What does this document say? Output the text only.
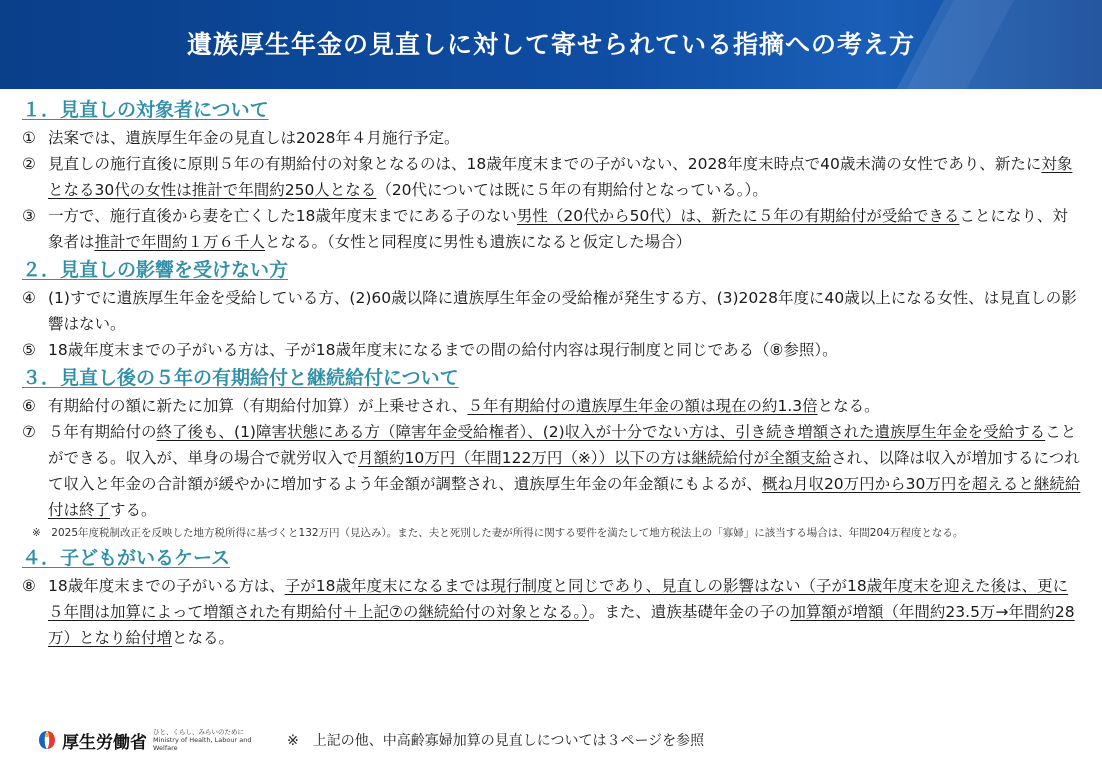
遺族厚生年金の見直しに対して寄せられている指摘への考え方
１．見直しの対象者について
① 法案では、遺族厚生年金の見直しは2028年４月施行予定。
② 見直しの施行直後に原則５年の有期給付の対象となるのは、18歳年度末までの子がいない、2028年度末時点で40歳未満の女性であり、新たに対象となる30代の女性は推計で年間約250人となる（20代については既に５年の有期給付となっている。）。
③ 一方で、施行直後から妻を亡くした18歳年度末までにある子のない男性（20代から50代）は、新たに５年の有期給付が受給できることになり、対象者は推計で年間約１万６千人となる。（女性と同程度に男性も遺族になると仮定した場合）
２．見直しの影響を受けない方
④ (1)すでに遺族厚生年金を受給している方、(2)60歳以降に遺族厚生年金の受給権が発生する方、(3)2028年度に40歳以上になる女性、は見直しの影響はない。
⑤ 18歳年度末までの子がいる方は、子が18歳年度末になるまでの間の給付内容は現行制度と同じである（⑧参照）。
３．見直し後の５年の有期給付と継続給付について
⑥ 有期給付の額に新たに加算（有期給付加算）が上乗せされ、５年有期給付の遺族厚生年金の額は現在の約1.3倍となる。
⑦ ５年有期給付の終了後も、(1)障害状態にある方（障害年金受給権者）、(2)収入が十分でない方は、引き続き増額された遺族厚生年金を受給することができる。収入が、単身の場合で就労収入で月額約10万円（年間122万円（※））以下の方は継続給付が全額支給され、以降は収入が増加するにつれて収入と年金の合計額が緩やかに増加するよう年金額が調整され、遺族厚生年金の年金額にもよるが、概ね月収20万円から30万円を超えると継続給付は終了する。
※　2025年度税制改正を反映した地方税所得に基づくと132万円（見込み）。また、夫と死別した妻が所得に関する要件を満たして地方税法上の「寡婦」に該当する場合は、年間204万程度となる。
４．子どもがいるケース
⑧ 18歳年度末までの子がいる方は、子が18歳年度末になるまでは現行制度と同じであり、見直しの影響はない（子が18歳年度末を迎えた後は、更に５年間は加算によって増額された有期給付＋上記⑦の継続給付の対象となる。）。また、遺族基礎年金の子の加算額が増額（年間約23.5万→年間約28万）となり給付増となる。
厚生労働省
ひと、くらし、みらいのために
Ministry of Health, Labour and Welfare	※　上記の他、中高齢寡婦加算の見直しについては３ページを参照
